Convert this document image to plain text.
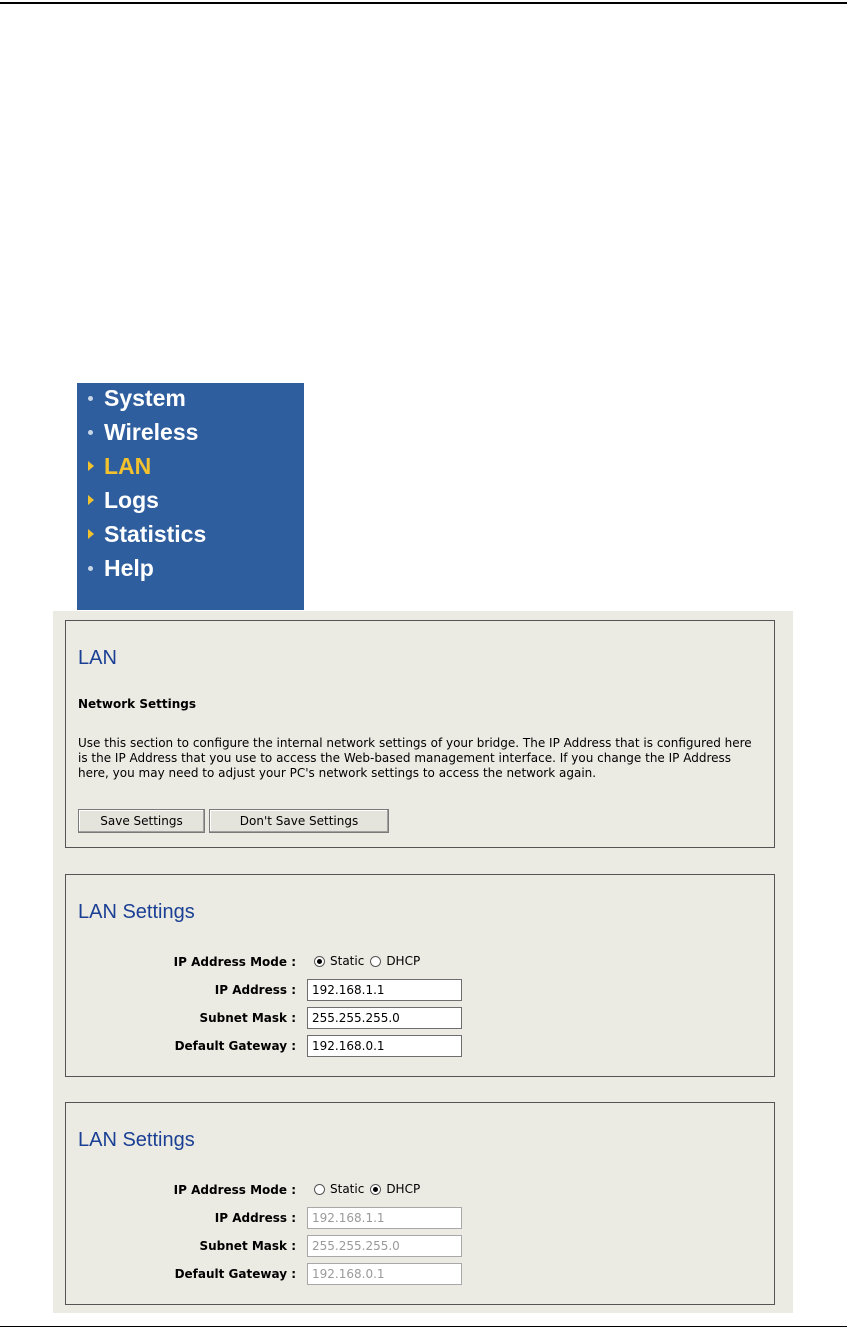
System
Wireless
LAN
Logs
Statistics
Help
LAN
Network Settings
Use this section to configure the internal network settings of your bridge. The IP Address that is configured here is the IP Address that you use to access the Web-based management interface. If you change the IP Address here, you may need to adjust your PC's network settings to access the network again.
Save Settings	Don't Save Settings
LAN Settings
IP Address Mode :	Static DHCP
IP Address :
192.168.1.1
Subnet Mask :
255.255.255.0
Default Gateway :
192.168.0.1
LAN Settings
IP Address Mode :	Static DHCP
IP Address :
192.168.1.1
Subnet Mask :
255.255.255.0
Default Gateway :
192.168.0.1
